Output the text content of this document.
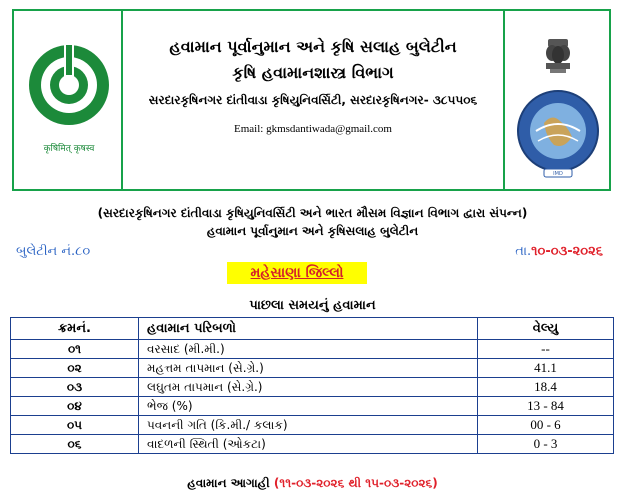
कृषिमित् कृषस्व
હવામાન પૂર્વાનુમાન અને કૃષિ સલાહ બુલેટીન
કૃષિ હવામાનશાસ્ત્ર વિભાગ
સરદારકૃષિનગર દાંતીવાડા કૃષિયુનિવર્સિટી, સરદારકૃષિનગર- ૩૮૫૫૦૬
Email: gkmsdantiwada@gmail.com
IMD
(સરદારકૃષિનગર દાંતીવાડા કૃષિયુનિવર્સિટી અને ભારત મૌસમ વિજ્ઞાન વિભાગ દ્વારા સંપન્ન)
હવામાન પૂર્વાનુમાન અને કૃષિસલાહ બુલેટીન
બુલેટીન નં.૮૦	તા.૧૦-૦૩-૨૦૨૬
મહેસાણા જિલ્લો
પાછલા સમયનું હવામાન
ક્રમનં.	હવામાન પરિબળો	વેલ્યુ
૦૧	વરસાદ (મી.મી.)	--
૦૨	મહત્તમ તાપમાન (સે.ગ્રે.)	41.1
૦૩	લઘુતમ તાપમાન (સે.ગ્રે.)	18.4
૦૪	ભેજ (%)	13 - 84
૦૫	પવનની ગતિ (કિ.મી./ કલાક)	00 - 6
૦૬	વાદળની સ્થિતી (ઓકટા)	0 - 3
હવામાન આગાહી (૧૧-૦૩-૨૦૨૬ થી ૧૫-૦૩-૨૦૨૬)
